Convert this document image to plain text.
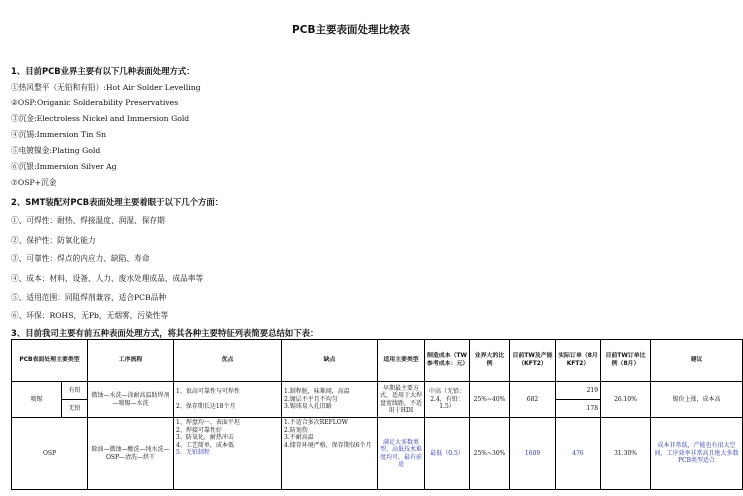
PCB主要表面处理比较表
1、目前PCB业界主要有以下几种表面处理方式：
①热风整平（无铅和有铅）:Hot Air Solder Levelling
②OSP:Origanic Solderability Preservatives
③沉金:Electroless Nickel and Immersion Gold
④沉锡:Immersion Tin Sn
⑤电镀镍金:Plating Gold
⑥沉银:Immersion Silver Ag
⑦OSP+沉金
2、SMT装配对PCB表面处理主要着眼于以下几个方面：
①、可焊性：耐热、焊接温度、润湿、保存期
②、保护性：防氧化能力
③、可靠性：焊点的内应力、缺陷、寿命
④、成本：材料、设备、人力、废水处理成品、成品率等
⑤、适用范围：同阻焊剂兼容，适合PCB品种
⑥、环保：ROHS，无Pb，无烟雾，污染性等
3、目前我司主要有前五种表面处理方式，将其各种主要特征列表简要总结如下表：
PCB表面处理主要类型		工序流程	优点	缺点	适用主要类型	制造成本（TW参考成本：元）	业界大的比例	目前TW及产能（KFT2）	实际订单（8月KFT2）	目前TW订单比例（8月）	建议
喷锡	有铅	微蚀—水洗—涂耐高温助焊剂—喷锡—水洗	1、很高可靠性与可焊性

2、保存期长达18个月	1.制程脏，味难闻，高温
2.镀层不平且不均匀
3.锡球易入孔旧路	早期最主要方式，适用于大焊盘宽线距，不适用于HDI	中高（无铅：2.4，有铅：1.5）	25%~40%	682	219	26.10%	锡价上涨，成本高
	无铅								178		
OSP		除油—微蚀—酸洗—纯水洗—OSP—清洗—烘干	1、焊盘均一、表面平坦
2、焊接可靠性好
3、防氧化，耐热冲击
4、工艺简单，成本低
5、无铅制程	1.不适合多次REFLOW
2.防划伤
3.不耐高温
4.储存环境严格，保存期仅6个月	满足大多数类型，高低技术难度均可，最有前途	最低（0.5）	25%~30%	1609	476	31.30%	成本非常低，产能也有很大空间，工序效率非常高且绝大多数PCB类型适合
